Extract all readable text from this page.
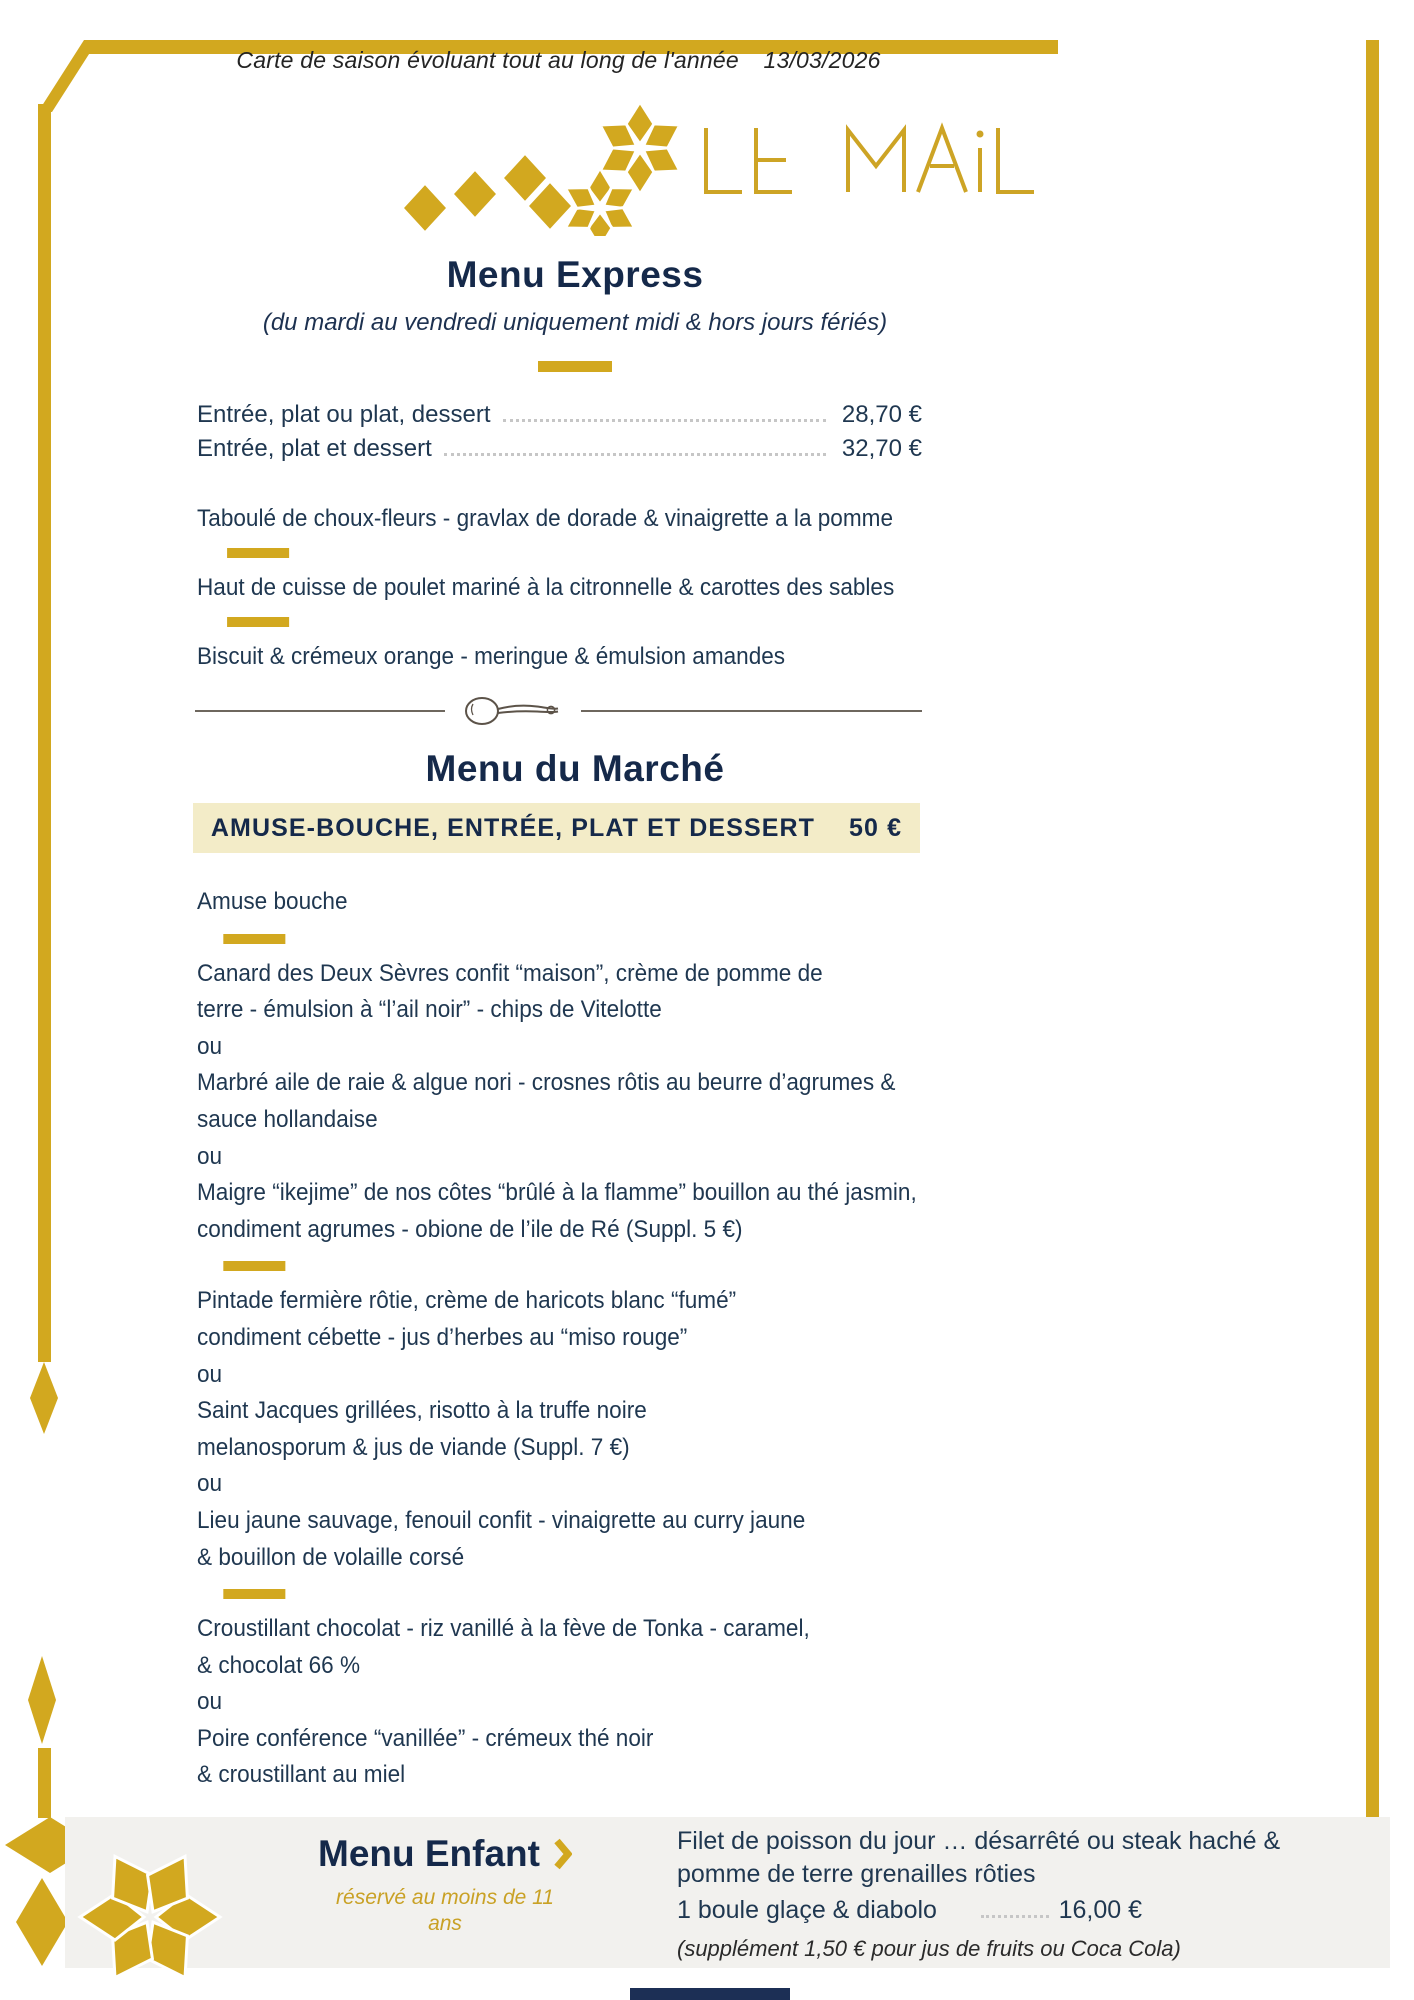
Carte de saison évoluant tout au long de l'année 13/03/2026
Menu Express
(du mardi au vendredi uniquement midi & hors jours fériés)
Entrée, plat ou plat, dessert	28,70 €
Entrée, plat et dessert	32,70 €

Taboulé de choux-fleurs - gravlax de dorade & vinaigrette a la pomme

Haut de cuisse de poulet mariné à la citronnelle & carottes des sables

Biscuit & crémeux orange - meringue & émulsion amandes

Menu du Marché
AMUSE-BOUCHE, ENTRÉE, PLAT ET DESSERT 50 €

Amuse bouche

Canard des Deux Sèvres confit “maison”, crème de pomme de

terre - émulsion à “l’ail noir” - chips de Vitelotte

ou

Marbré aile de raie & algue nori - crosnes rôtis au beurre d’agrumes &

sauce hollandaise

ou

Maigre “ikejime” de nos côtes “brûlé à la flamme” bouillon au thé jasmin,

condiment agrumes - obione de l’ile de Ré (Suppl. 5 €)

Pintade fermière rôtie, crème de haricots blanc “fumé”

condiment cébette - jus d’herbes au “miso rouge”

ou

Saint Jacques grillées, risotto à la truffe noire

melanosporum & jus de viande (Suppl. 7 €)

ou

Lieu jaune sauvage, fenouil confit - vinaigrette au curry jaune

& bouillon de volaille corsé

Croustillant chocolat - riz vanillé à la fève de Tonka - caramel,

& chocolat 66 %

ou

Poire conférence “vanillée” - crémeux thé noir

& croustillant au miel

Menu Enfant
réservé au moins de 11
ans
Filet de poisson du jour … désarrêté ou steak haché &
pomme de terre grenailles rôties
1 boule glaçe & diabolo	16,00 €
(supplément 1,50 € pour jus de fruits ou Coca Cola)
